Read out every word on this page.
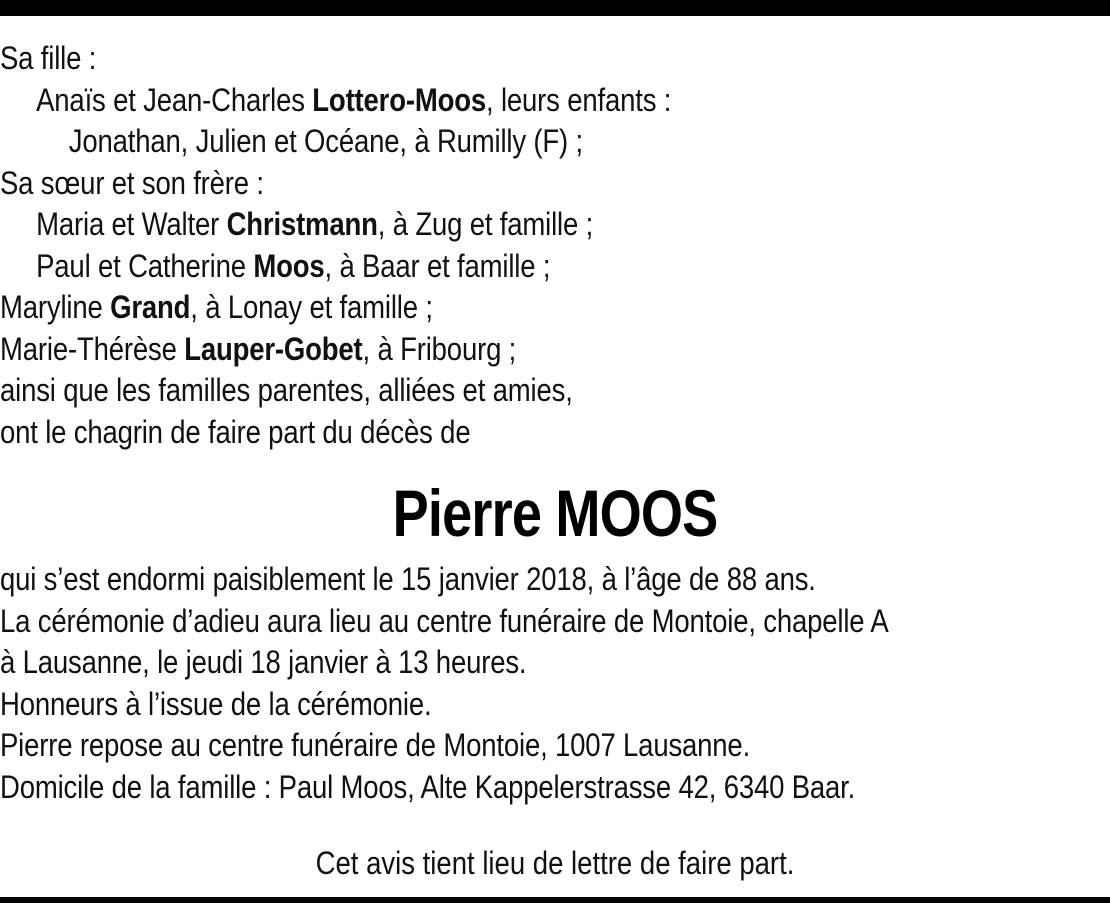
Sa fille :
Anaïs et Jean-Charles Lottero-Moos, leurs enfants :
Jonathan, Julien et Océane, à Rumilly (F) ;
Sa sœur et son frère :
Maria et Walter Christmann, à Zug et famille ;
Paul et Catherine Moos, à Baar et famille ;
Maryline Grand, à Lonay et famille ;
Marie-Thérèse Lauper-Gobet, à Fribourg ;
ainsi que les familles parentes, alliées et amies,
ont le chagrin de faire part du décès de
Pierre MOOS
qui s’est endormi paisiblement le 15 janvier 2018, à l’âge de 88 ans.
La cérémonie d’adieu aura lieu au centre funéraire de Montoie, chapelle A
à Lausanne, le jeudi 18 janvier à 13 heures.
Honneurs à l’issue de la cérémonie.
Pierre repose au centre funéraire de Montoie, 1007 Lausanne.
Domicile de la famille : Paul Moos, Alte Kappelerstrasse 42, 6340 Baar.
Cet avis tient lieu de lettre de faire part.
